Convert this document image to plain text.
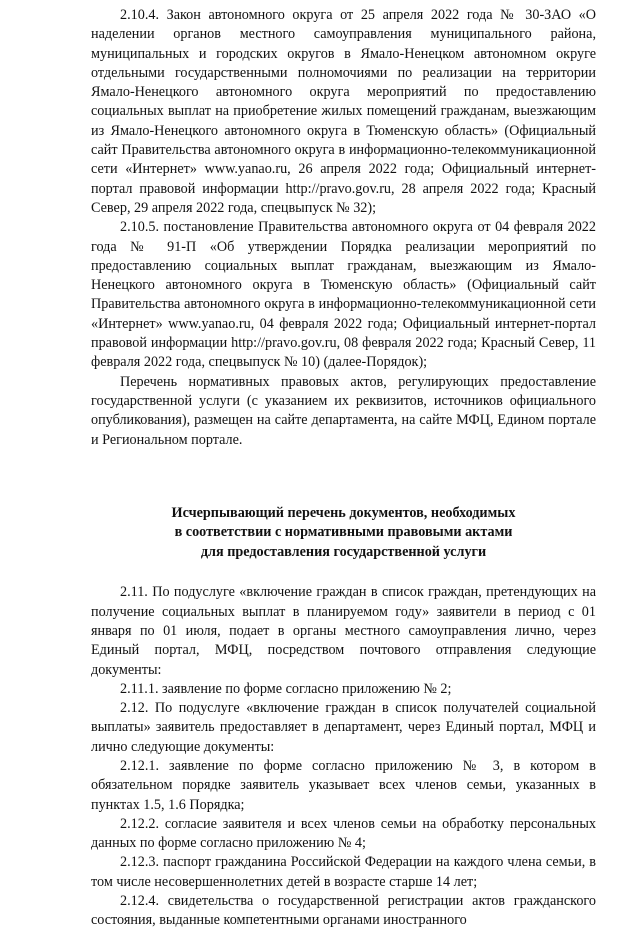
2.10.4. Закон автономного округа от 25 апреля 2022 года № 30-ЗАО «О наделении органов местного самоуправления муниципального района, муниципальных и городских округов в Ямало-Ненецком автономном округе отдельными государственными полномочиями по реализации на территории Ямало-Ненецкого автономного округа мероприятий по предоставлению социальных выплат на приобретение жилых помещений гражданам, выезжающим из Ямало-Ненецкого автономного округа в Тюменскую область» (Официальный сайт Правительства автономного округа в информационно-телекоммуникационной сети «Интернет» www.yanao.ru, 26 апреля 2022 года; Официальный интернет-портал правовой информации http://pravo.gov.ru, 28 апреля 2022 года; Красный Север, 29 апреля 2022 года, спецвыпуск № 32);

2.10.5. постановление Правительства автономного округа от 04 февраля 2022 года № 91-П «Об утверждении Порядка реализации мероприятий по предоставлению социальных выплат гражданам, выезжающим из Ямало-Ненецкого автономного округа в Тюменскую область» (Официальный сайт Правительства автономного округа в информационно-телекоммуникационной сети «Интернет» www.yanao.ru, 04 февраля 2022 года; Официальный интернет-портал правовой информации http://pravo.gov.ru, 08 февраля 2022 года; Красный Север, 11 февраля 2022 года, спецвыпуск № 10) (далее-Порядок);

Перечень нормативных правовых актов, регулирующих предоставление государственной услуги (с указанием их реквизитов, источников официального опубликования), размещен на сайте департамента, на сайте МФЦ, Едином портале и Региональном портале.

Исчерпывающий перечень документов, необходимых
в соответствии с нормативными правовыми актами
для предоставления государственной услуги

2.11. По подуслуге «включение граждан в список граждан, претендующих на получение социальных выплат в планируемом году» заявители в период с 01 января по 01 июля, подает в органы местного самоуправления лично, через Единый портал, МФЦ, посредством почтового отправления следующие документы:

2.11.1. заявление по форме согласно приложению № 2;

2.12. По подуслуге «включение граждан в список получателей социальной выплаты» заявитель предоставляет в департамент, через Единый портал, МФЦ и лично следующие документы:

2.12.1. заявление по форме согласно приложению № 3, в котором в обязательном порядке заявитель указывает всех членов семьи, указанных в пунктах 1.5, 1.6 Порядка;

2.12.2. согласие заявителя и всех членов семьи на обработку персональных данных по форме согласно приложению № 4;

2.12.3. паспорт гражданина Российской Федерации на каждого члена семьи, в том числе несовершеннолетних детей в возрасте старше 14 лет;

2.12.4. свидетельства о государственной регистрации актов гражданского состояния, выданные компетентными органами иностранного
